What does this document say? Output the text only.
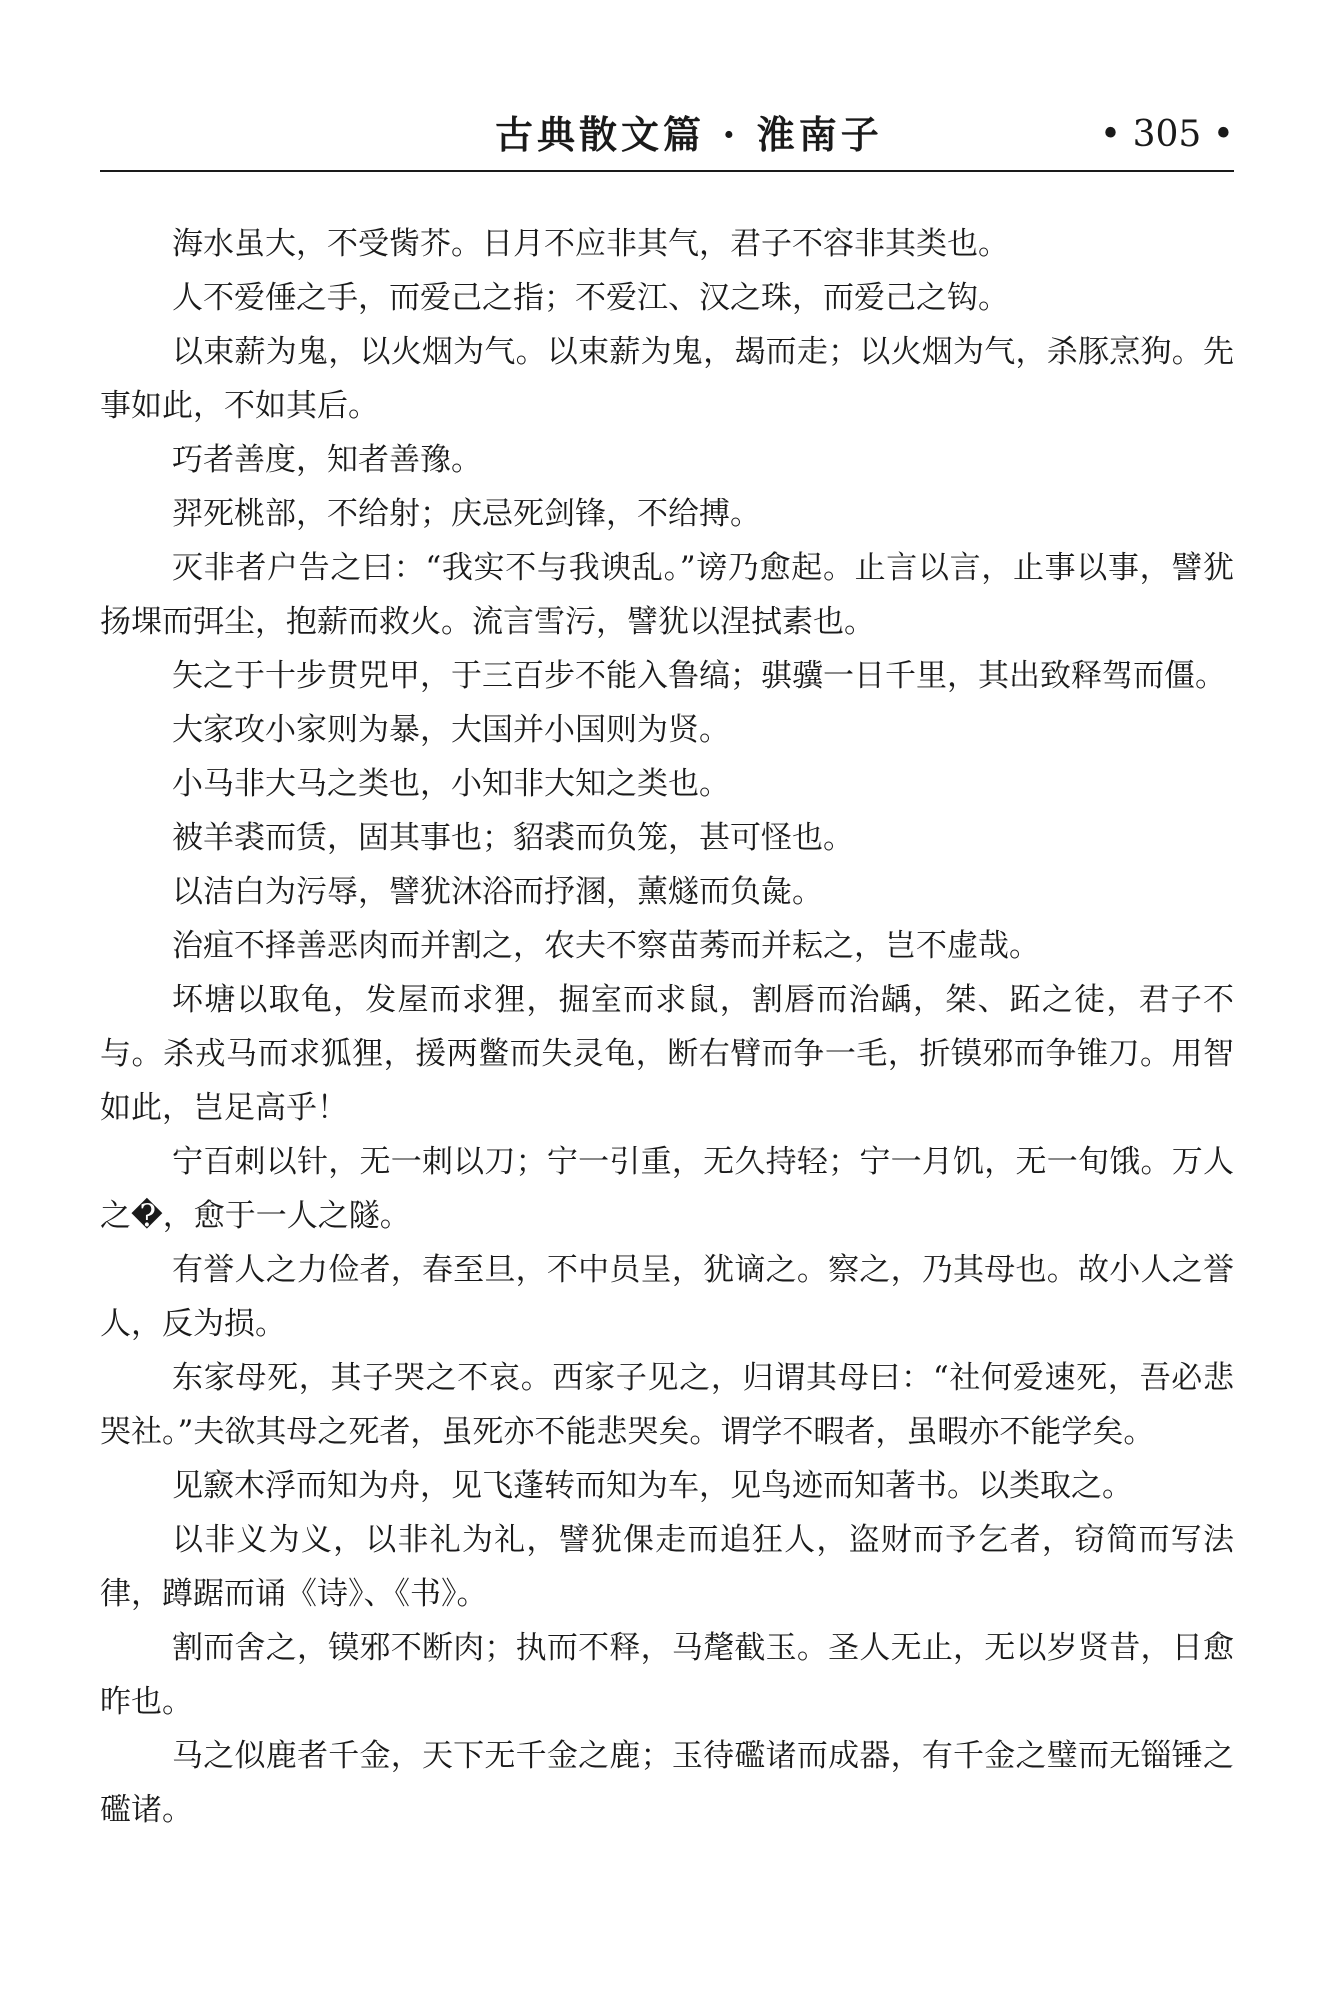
古典散文篇 · 淮南子	• 305 •

海水虽大，不受胔芥。日月不应非其气，君子不容非其类也。

人不爱倕之手，而爱己之指；不爱江、汉之珠，而爱己之钩。

以束薪为鬼，以火烟为气。以束薪为鬼，朅而走；以火烟为气，杀豚烹狗。先事如此，不如其后。

巧者善度，知者善豫。

羿死桃部，不给射；庆忌死剑锋，不给搏。

灭非者户告之曰：“我实不与我谀乱。”谤乃愈起。止言以言，止事以事，譬犹扬堁而弭尘，抱薪而救火。流言雪污，譬犹以涅拭素也。

矢之于十步贯兕甲，于三百步不能入鲁缟；骐骥一日千里，其出致释驾而僵。

大家攻小家则为暴，大国并小国则为贤。

小马非大马之类也，小知非大知之类也。

被羊裘而赁，固其事也；貂裘而负笼，甚可怪也。

以洁白为污辱，譬犹沐浴而抒溷，薰燧而负彘。

治疽不择善恶肉而并割之，农夫不察苗莠而并耘之，岂不虚哉。

坏塘以取龟，发屋而求狸，掘室而求鼠，割唇而治龋，桀、跖之徒，君子不与。杀戎马而求狐狸，援两鳖而失灵龟，断右臂而争一毛，折镆邪而争锥刀。用智如此，岂足高乎！

宁百刺以针，无一刺以刀；宁一引重，无久持轻；宁一月饥，无一旬饿。万人之�，愈于一人之隧。

有誉人之力俭者，春至旦，不中员呈，犹谪之。察之，乃其母也。故小人之誉人，反为损。

东家母死，其子哭之不哀。西家子见之，归谓其母曰：“社何爱速死，吾必悲哭社。”夫欲其母之死者，虽死亦不能悲哭矣。谓学不暇者，虽暇亦不能学矣。

见窾木浮而知为舟，见飞蓬转而知为车，见鸟迹而知著书。以类取之。

以非义为义，以非礼为礼，譬犹倮走而追狂人，盗财而予乞者，窃简而写法律，蹲踞而诵《诗》、《书》。

割而舍之，镆邪不断肉；执而不释，马氂截玉。圣人无止，无以岁贤昔，日愈昨也。

马之似鹿者千金，天下无千金之鹿；玉待礛诸而成器，有千金之璧而无锱锤之礛诸。
